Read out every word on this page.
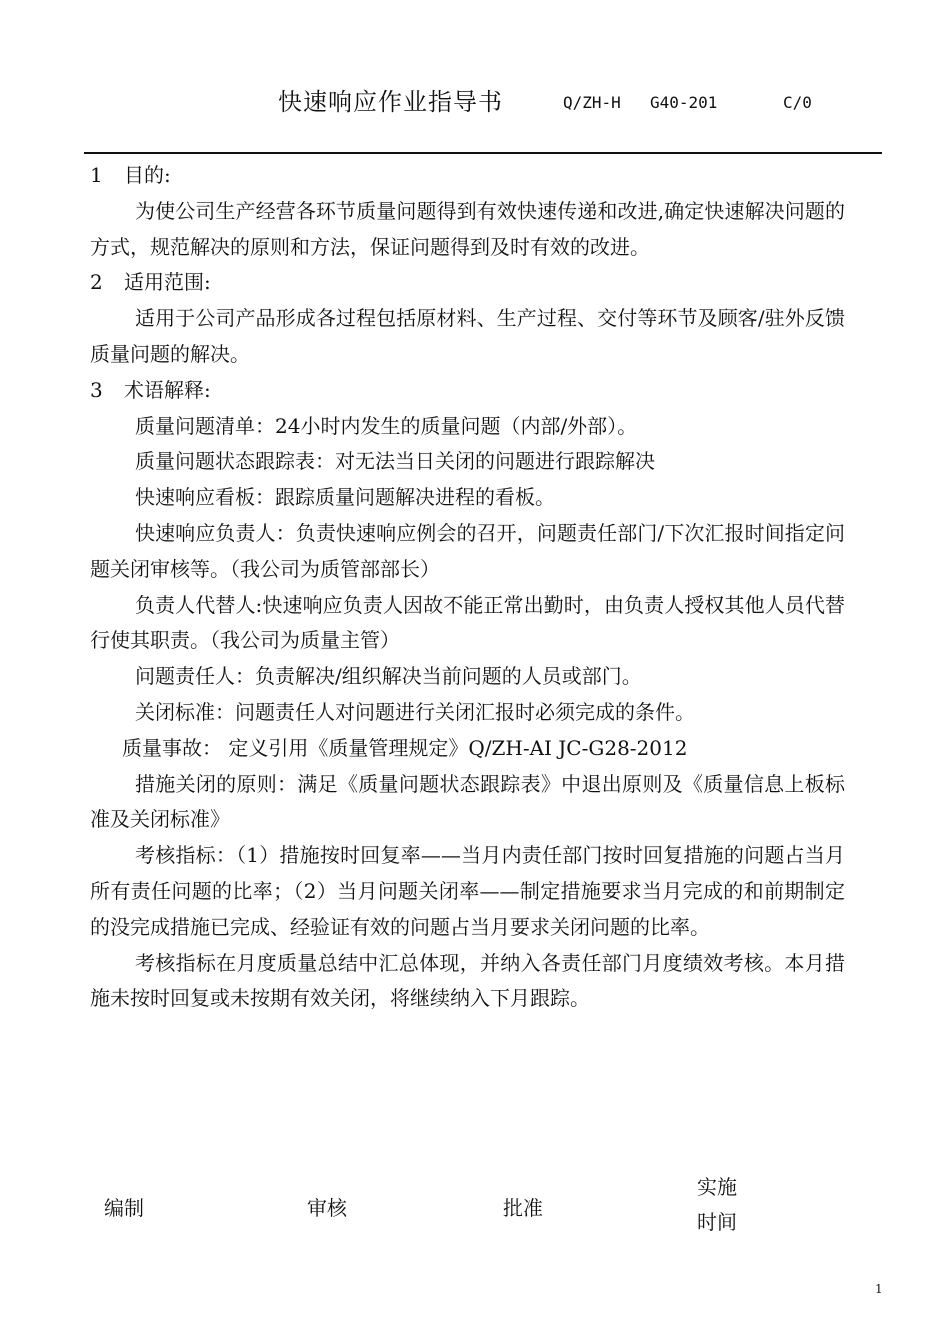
快速响应作业指导书	Q/ZH-H G40-201	C/0
1 目的:
为使公司生产经营各环节质量问题得到有效快速传递和改进,确定快速解决问题的方式，规范解决的原则和方法，保证问题得到及时有效的改进。
2 适用范围:
适用于公司产品形成各过程包括原材料、生产过程、交付等环节及顾客/驻外反馈质量问题的解决。
3 术语解释:
质量问题清单：24小时内发生的质量问题（内部/外部）。
质量问题状态跟踪表：对无法当日关闭的问题进行跟踪解决
快速响应看板：跟踪质量问题解决进程的看板。
快速响应负责人：负责快速响应例会的召开，问题责任部门/下次汇报时间指定问题关闭审核等。（我公司为质管部部长）
负责人代替人:快速响应负责人因故不能正常出勤时，由负责人授权其他人员代替行使其职责。（我公司为质量主管）
问题责任人：负责解决/组织解决当前问题的人员或部门。
关闭标准：问题责任人对问题进行关闭汇报时必须完成的条件。
质量事故： 定义引用《质量管理规定》Q/ZH-AI JC-G28-2012
措施关闭的原则：满足《质量问题状态跟踪表》中退出原则及《质量信息上板标准及关闭标准》
考核指标：（1）措施按时回复率——当月内责任部门按时回复措施的问题占当月所有责任问题的比率；（2）当月问题关闭率——制定措施要求当月完成的和前期制定的没完成措施已完成、经验证有效的问题占当月要求关闭问题的比率。
考核指标在月度质量总结中汇总体现，并纳入各责任部门月度绩效考核。本月措施未按时回复或未按期有效关闭，将继续纳入下月跟踪。
编制	审核	批准
实施
时间
1
